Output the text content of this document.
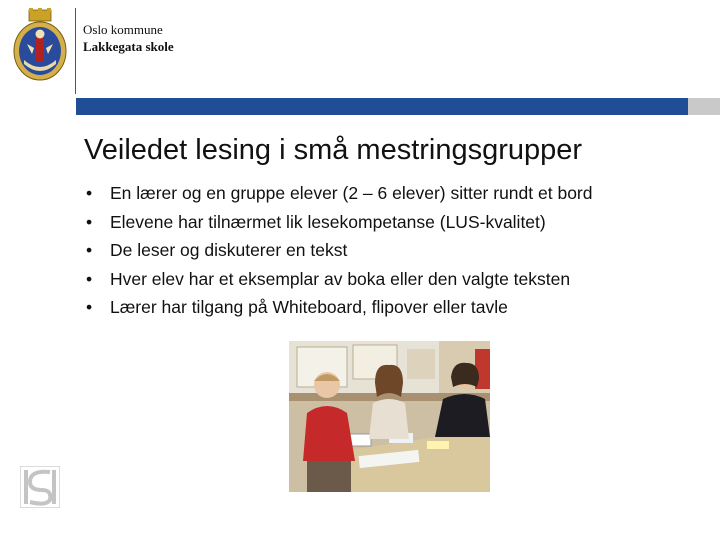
Oslo kommune
Lakkegata skole
Veiledet lesing i små mestringsgrupper
• En lærer og en gruppe elever (2 – 6 elever) sitter rundt et bord
• Elevene har tilnærmet lik lesekompetanse (LUS-kvalitet)
• De leser og diskuterer en tekst
• Hver elev har et eksemplar av boka eller den valgte teksten
• Lærer har tilgang på Whiteboard, flipover eller tavle
